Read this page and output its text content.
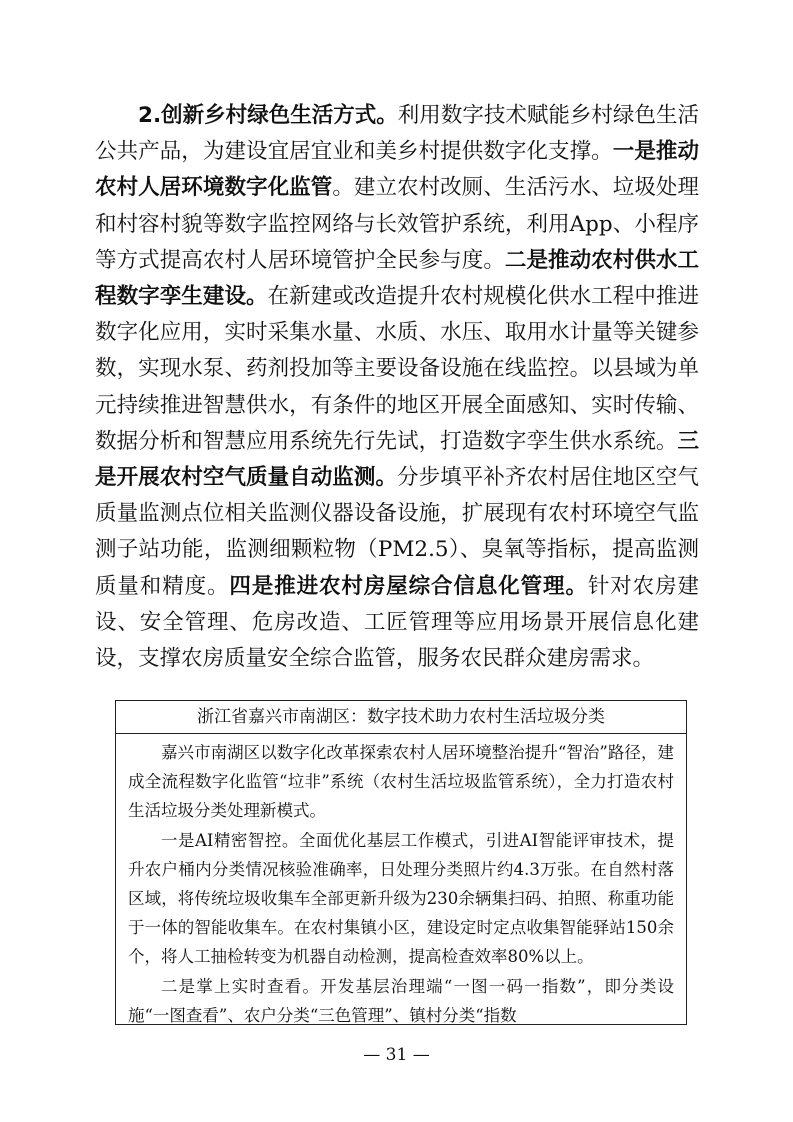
2.创新乡村绿色生活方式。利用数字技术赋能乡村绿色生活公共产品，为建设宜居宜业和美乡村提供数字化支撑。一是推动农村人居环境数字化监管。建立农村改厕、生活污水、垃圾处理和村容村貌等数字监控网络与长效管护系统，利用App、小程序等方式提高农村人居环境管护全民参与度。二是推动农村供水工程数字孪生建设。在新建或改造提升农村规模化供水工程中推进数字化应用，实时采集水量、水质、水压、取用水计量等关键参数，实现水泵、药剂投加等主要设备设施在线监控。以县域为单元持续推进智慧供水，有条件的地区开展全面感知、实时传输、数据分析和智慧应用系统先行先试，打造数字孪生供水系统。三是开展农村空气质量自动监测。分步填平补齐农村居住地区空气质量监测点位相关监测仪器设备设施，扩展现有农村环境空气监测子站功能，监测细颗粒物（PM2.5）、臭氧等指标，提高监测质量和精度。四是推进农村房屋综合信息化管理。针对农房建设、安全管理、危房改造、工匠管理等应用场景开展信息化建设，支撑农房质量安全综合监管，服务农民群众建房需求。

浙江省嘉兴市南湖区：数字技术助力农村生活垃圾分类

嘉兴市南湖区以数字化改革探索农村人居环境整治提升“智治”路径，建成全流程数字化监管“垃非”系统（农村生活垃圾监管系统），全力打造农村生活垃圾分类处理新模式。

一是AI精密智控。全面优化基层工作模式，引进AI智能评审技术，提升农户桶内分类情况核验准确率，日处理分类照片约4.3万张。在自然村落区域，将传统垃圾收集车全部更新升级为230余辆集扫码、拍照、称重功能于一体的智能收集车。在农村集镇小区，建设定时定点收集智能驿站150余个，将人工抽检转变为机器自动检测，提高检查效率80%以上。

二是掌上实时查看。开发基层治理端“一图一码一指数”，即分类设施“一图查看”、农户分类“三色管理”、镇村分类“指数

— 31 —
